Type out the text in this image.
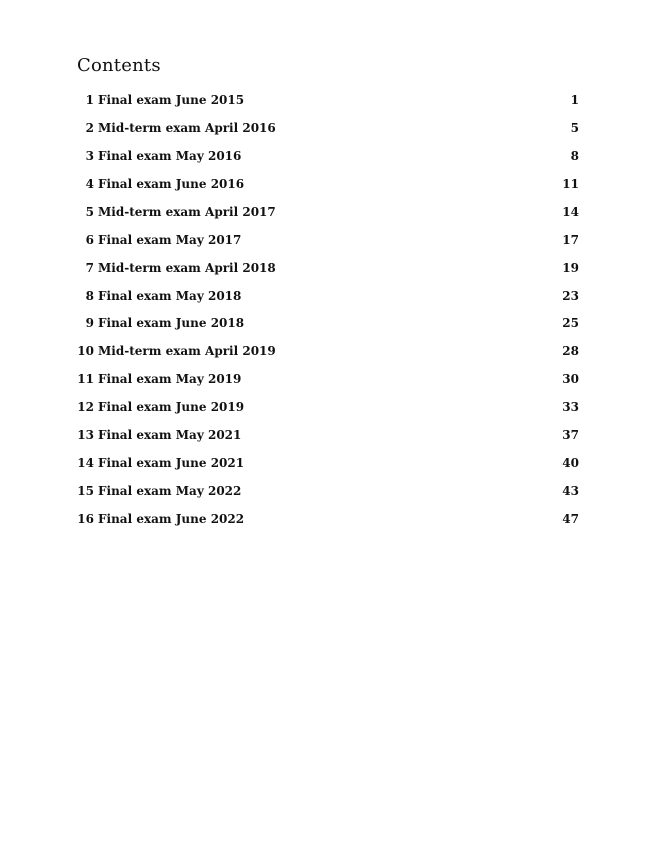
Contents
1 Final exam June 2015	1
2 Mid-term exam April 2016	5
3 Final exam May 2016	8
4 Final exam June 2016	11
5 Mid-term exam April 2017	14
6 Final exam May 2017	17
7 Mid-term exam April 2018	19
8 Final exam May 2018	23
9 Final exam June 2018	25
10 Mid-term exam April 2019	28
11 Final exam May 2019	30
12 Final exam June 2019	33
13 Final exam May 2021	37
14 Final exam June 2021	40
15 Final exam May 2022	43
16 Final exam June 2022	47
